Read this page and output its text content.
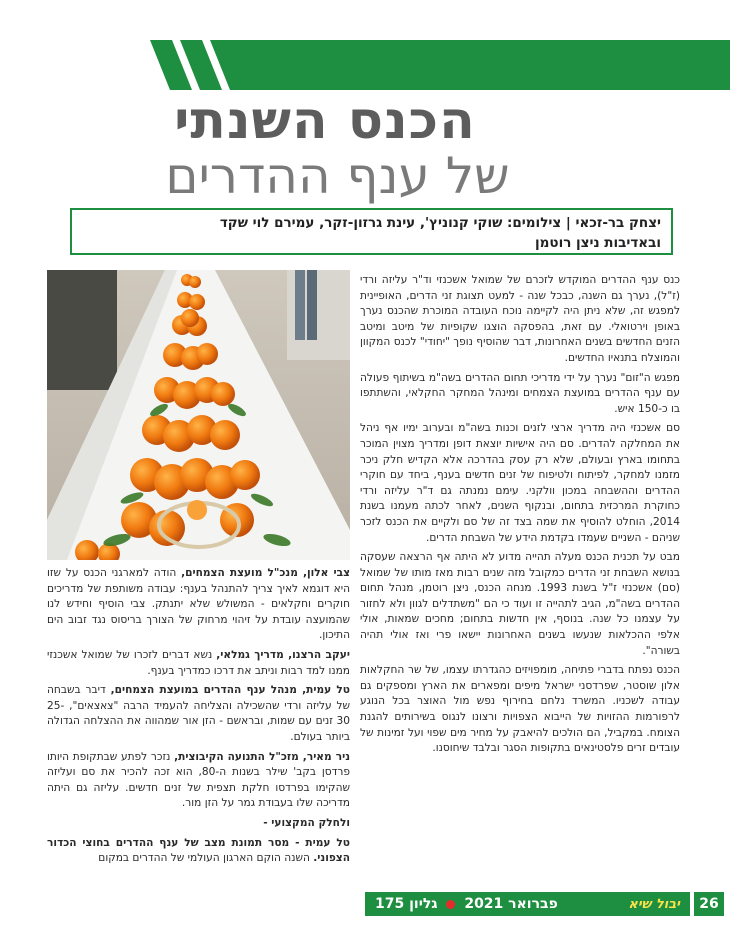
הכנס השנתי
של ענף ההדרים
יצחק בר-זכאי | צילומים: שוקי קנוניץ', עינת גרזון-זקר, עמירם לוי שקד
ובאדיבות ניצן רוטמן

כנס ענף ההדרים המוקדש לזכרם של שמואל אשכנזי וד"ר עליזה ורדי (ז"ל), נערך גם השנה, כבכל שנה - למעט תצוגת זני הדרים, האופיינית למפגש זה, שלא ניתן היה לקיימה נוכח העובדה המוכרת שהכנס נערך באופן וירטואלי. עם זאת, בהפסקה הוצגו שקופיות של מיטב ומיטב הזנים החדשים בשנים האחרונות, דבר שהוסיף נופך "יחודי" לכנס המקוון והמוצלח בתנאיו החדשים.

מפגש ה"זום" נערך על ידי מדריכי תחום ההדרים בשה"מ בשיתוף פעולה עם ענף ההדרים במועצת הצמחים ומינהל המחקר החקלאי, והשתתפו בו כ-150 איש.

סם אשכנזי היה מדריך ארצי לזנים וכנות בשה"מ ובערוב ימיו אף ניהל את המחלקה להדרים. סם היה אישיות יוצאת דופן ומדריך מצוין המוכר בתחומו בארץ ובעולם, שלא רק עסק בהדרכה אלא הקדיש חלק ניכר מזמנו למחקר, לפיתוח ולטיפוח של זנים חדשים בענף, ביחד עם חוקרי ההדרים וההשבחה במכון וולקני. עימם נמנתה גם ד"ר עליזה ורדי כחוקרת המרכזית בתחום, ובנקוף השנים, לאחר לכתה מעמנו בשנת 2014, הוחלט להוסיף את שמה בצד זה של סם ולקיים את הכנס לזכר שניהם - השניים שעמדו בקדמת הידע של השבחת הדרים.

מבט על תכנית הכנס מעלה תהייה מדוע לא היתה אף הרצאה שעסקה בנושא השבחת זני הדרים כמקובל מזה שנים רבות מאז מותו של שמואל (סם) אשכנזי ז"ל בשנת 1993. מנחה הכנס, ניצן רוטמן, מנהל תחום ההדרים בשה"מ, הגיב לתהייה זו ועוד כי הם "משתדלים לגוון ולא לחזור על עצמנו כל שנה. בנוסף, אין חדשות בתחום; מחכים שמאות, אולי אלפי ההכלאות שנעשו בשנים האחרונות יישאו פרי ואז אולי תהיה בשורה".

הכנס נפתח בדברי פתיחה, מומפויזים כהגדרתו עצמו, של שר החקלאות אלון שוסטר, שפרדסני ישראל מיפים ומפארים את הארץ ומספקים גם עבודה לשכניו. המשרד נלחם בחירוף נפש מול האוצר בכל הנוגע לרפורמות ההזויות של הייבוא הצפויות ורצונו לנגוס בשירותים להגנת הצומח. במקביל, הם הולכים להיאבק על מחיר מים שפוי ועל זמינות של עובדים זרים פלסטינאים בתקופות הסגר ובלבד שיחוסנו.

צבי אלון, מנכ"ל מועצת הצמחים, הודה למארגני הכנס על שזו היא דוגמא לאיך צריך להתנהל בענף: עבודה משותפת של מדריכים חוקרים וחקלאים - המשולש שלא יתנתק. צבי הוסיף וחידש לנו שהמועצה עובדת על זיהוי מרחוק של הצורך בריסוס נגד זבוב הים התיכון.

יעקב הרצנו, מדריך גמלאי, נשא דברים לזכרו של שמואל אשכנזי ממנו למד רבות וניתב את דרכו כמדריך בענף.

טל עמית, מנהל ענף ההדרים במועצת הצמחים, דיבר בשבחה של עליזה ורדי שהשכילה והצליחה להעמיד הרבה "צאצאים", 25-30 זנים עם שמות, ובראשם - הזן אור שמהווה את ההצלחה הגדולה ביותר בעולם.

ניר מאיר, מזכ"ל התנועה הקיבוצית, נזכר לפתע שבתקופת היותו פרדסן בקב' שילר בשנות ה-80, הוא זכה להכיר את סם ועליזה שהקימו בפרדסו חלקת תצפית של זנים חדשים. עליזה גם היתה מדריכה שלו בעבודת גמר על הזן מור.

ולחלק המקצועי -

טל עמית - מסר תמונת מצב של ענף ההדרים בחוצי הכדור הצפוני. השנה הוקם הארגון העולמי של ההדרים במקום

יבול שיא
פברואר 2021  גליון 175	26
